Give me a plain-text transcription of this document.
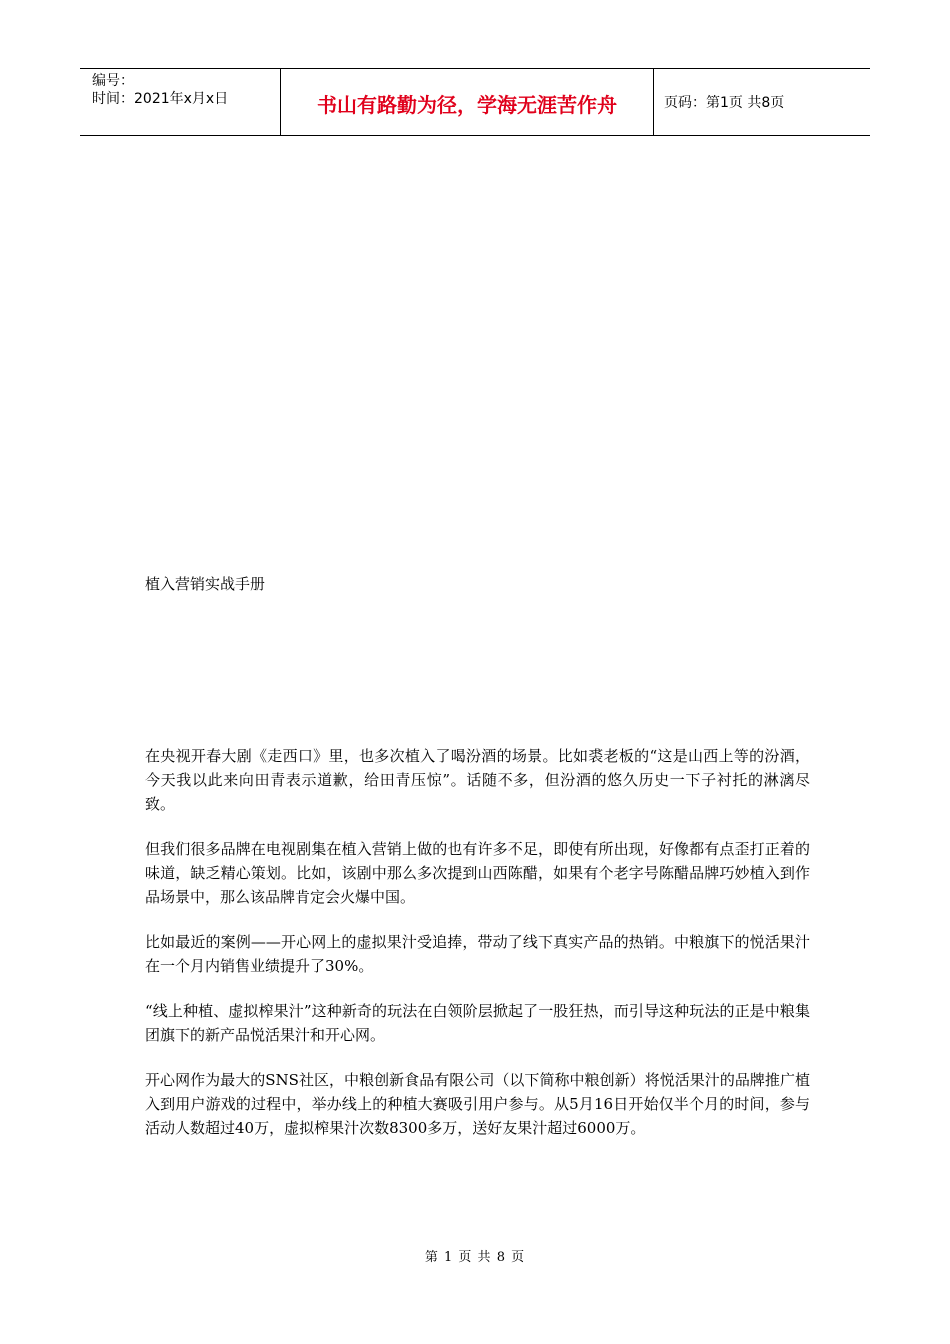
编号：
时间：2021年x月x日	书山有路勤为径，学海无涯苦作舟	页码：第1页 共8页
植入营销实战手册

在央视开春大剧《走西口》里，也多次植入了喝汾酒的场景。比如裘老板的“这是山西上等的汾酒，今天我以此来向田青表示道歉，给田青压惊”。话随不多，但汾酒的悠久历史一下子衬托的淋漓尽致。

但我们很多品牌在电视剧集在植入营销上做的也有许多不足，即使有所出现，好像都有点歪打正着的味道，缺乏精心策划。比如，该剧中那么多次提到山西陈醋，如果有个老字号陈醋品牌巧妙植入到作品场景中，那么该品牌肯定会火爆中国。

比如最近的案例——开心网上的虚拟果汁受追捧，带动了线下真实产品的热销。中粮旗下的悦活果汁在一个月内销售业绩提升了30%。

“线上种植、虚拟榨果汁”这种新奇的玩法在白领阶层掀起了一股狂热，而引导这种玩法的正是中粮集团旗下的新产品悦活果汁和开心网。

开心网作为最大的SNS社区，中粮创新食品有限公司（以下简称中粮创新）将悦活果汁的品牌推广植入到用户游戏的过程中，举办线上的种植大赛吸引用户参与。从5月16日开始仅半个月的时间，参与活动人数超过40万，虚拟榨果汁次数8300多万，送好友果汁超过6000万。

第 1 页 共 8 页
